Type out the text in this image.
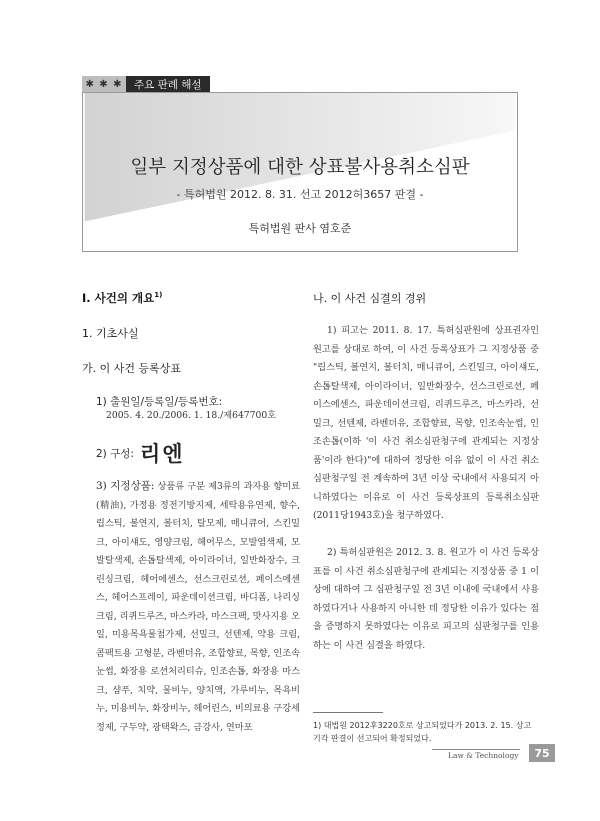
✱ ✱ ✱	주요 판례 해설
일부 지정상품에 대한 상표불사용취소심판
- 특허법원 2012. 8. 31. 선고 2012허3657 판결 -
특허법원 판사 염호준
I. 사건의 개요$^{1)}$
1. 기초사실
가. 이 사건 등록상표
1) 출원일/등록일/등록번호:
2005. 4. 20./2006. 1. 18./제647700호
2) 구성: 리엔
3) 지정상품: 상품류 구분 제3류의 과자용 향미료(精油), 가정용 정전기방지제, 세탁용유연제, 향수, 립스틱, 볼연지, 볼터치, 탈모제, 매니큐어, 스킨밀크, 아이섀도, 영양크림, 헤어무스, 모발염색제, 모발탈색제, 손톱탈색제, 아이라이너, 일반화장수, 크린싱크림, 헤어에센스, 선스크린로션, 페이스에센스, 헤어스프레이, 파운데이션크림, 바디폼, 나리싱크림, 리퀴드루즈, 마스카라, 마스크팩, 맛사지용 오일, 미용목욕물첨가제, 선밀크, 선텐제, 약용 크림, 콤팩트용 고형분, 라벤더유, 조합향료, 목향, 인조속눈썹, 화장용 로션처리티슈, 인조손톱, 화장용 마스크, 샴푸, 치약, 물비누, 양치액, 가루비누, 목욕비누, 미용비누, 화장비누, 헤어린스, 비의료용 구강세정제, 구두약, 광택왁스, 금강사, 연마포
나. 이 사건 심결의 경위
1) 피고는 2011. 8. 17. 특허심판원에 상표권자인 원고를 상대로 하여, 이 사건 등록상표가 그 지정상품 중 "립스틱, 볼연지, 볼터치, 매니큐어, 스킨밀크, 아이섀도, 손톱탈색제, 아이라이너, 일반화장수, 선스크린로션, 페이스에센스, 파운데이션크림, 리퀴드루즈, 마스카라, 선밀크, 선텐제, 라벤더유, 조합향료, 목향, 인조속눈썹, 인조손톱(이하 '이 사건 취소심판청구에 관계되는 지정상품'이라 한다)"에 대하여 정당한 이유 없이 이 사건 취소심판청구일 전 계속하여 3년 이상 국내에서 사용되지 아니하였다는 이유로 이 사건 등록상표의 등록취소심판(2011당1943호)을 청구하였다.
2) 특허심판원은 2012. 3. 8. 원고가 이 사건 등록상표를 이 사건 취소심판청구에 관계되는 지정상품 중 1 이상에 대하여 그 심판청구일 전 3년 이내에 국내에서 사용하였다거나 사용하지 아니한 데 정당한 이유가 있다는 점을 증명하지 못하였다는 이유로 피고의 심판청구를 인용하는 이 사건 심결을 하였다.
1) 대법원 2012후3220호로 상고되었다가 2013. 2. 15. 상고기각 판결이 선고되어 확정되었다.
Law & Technology	75
